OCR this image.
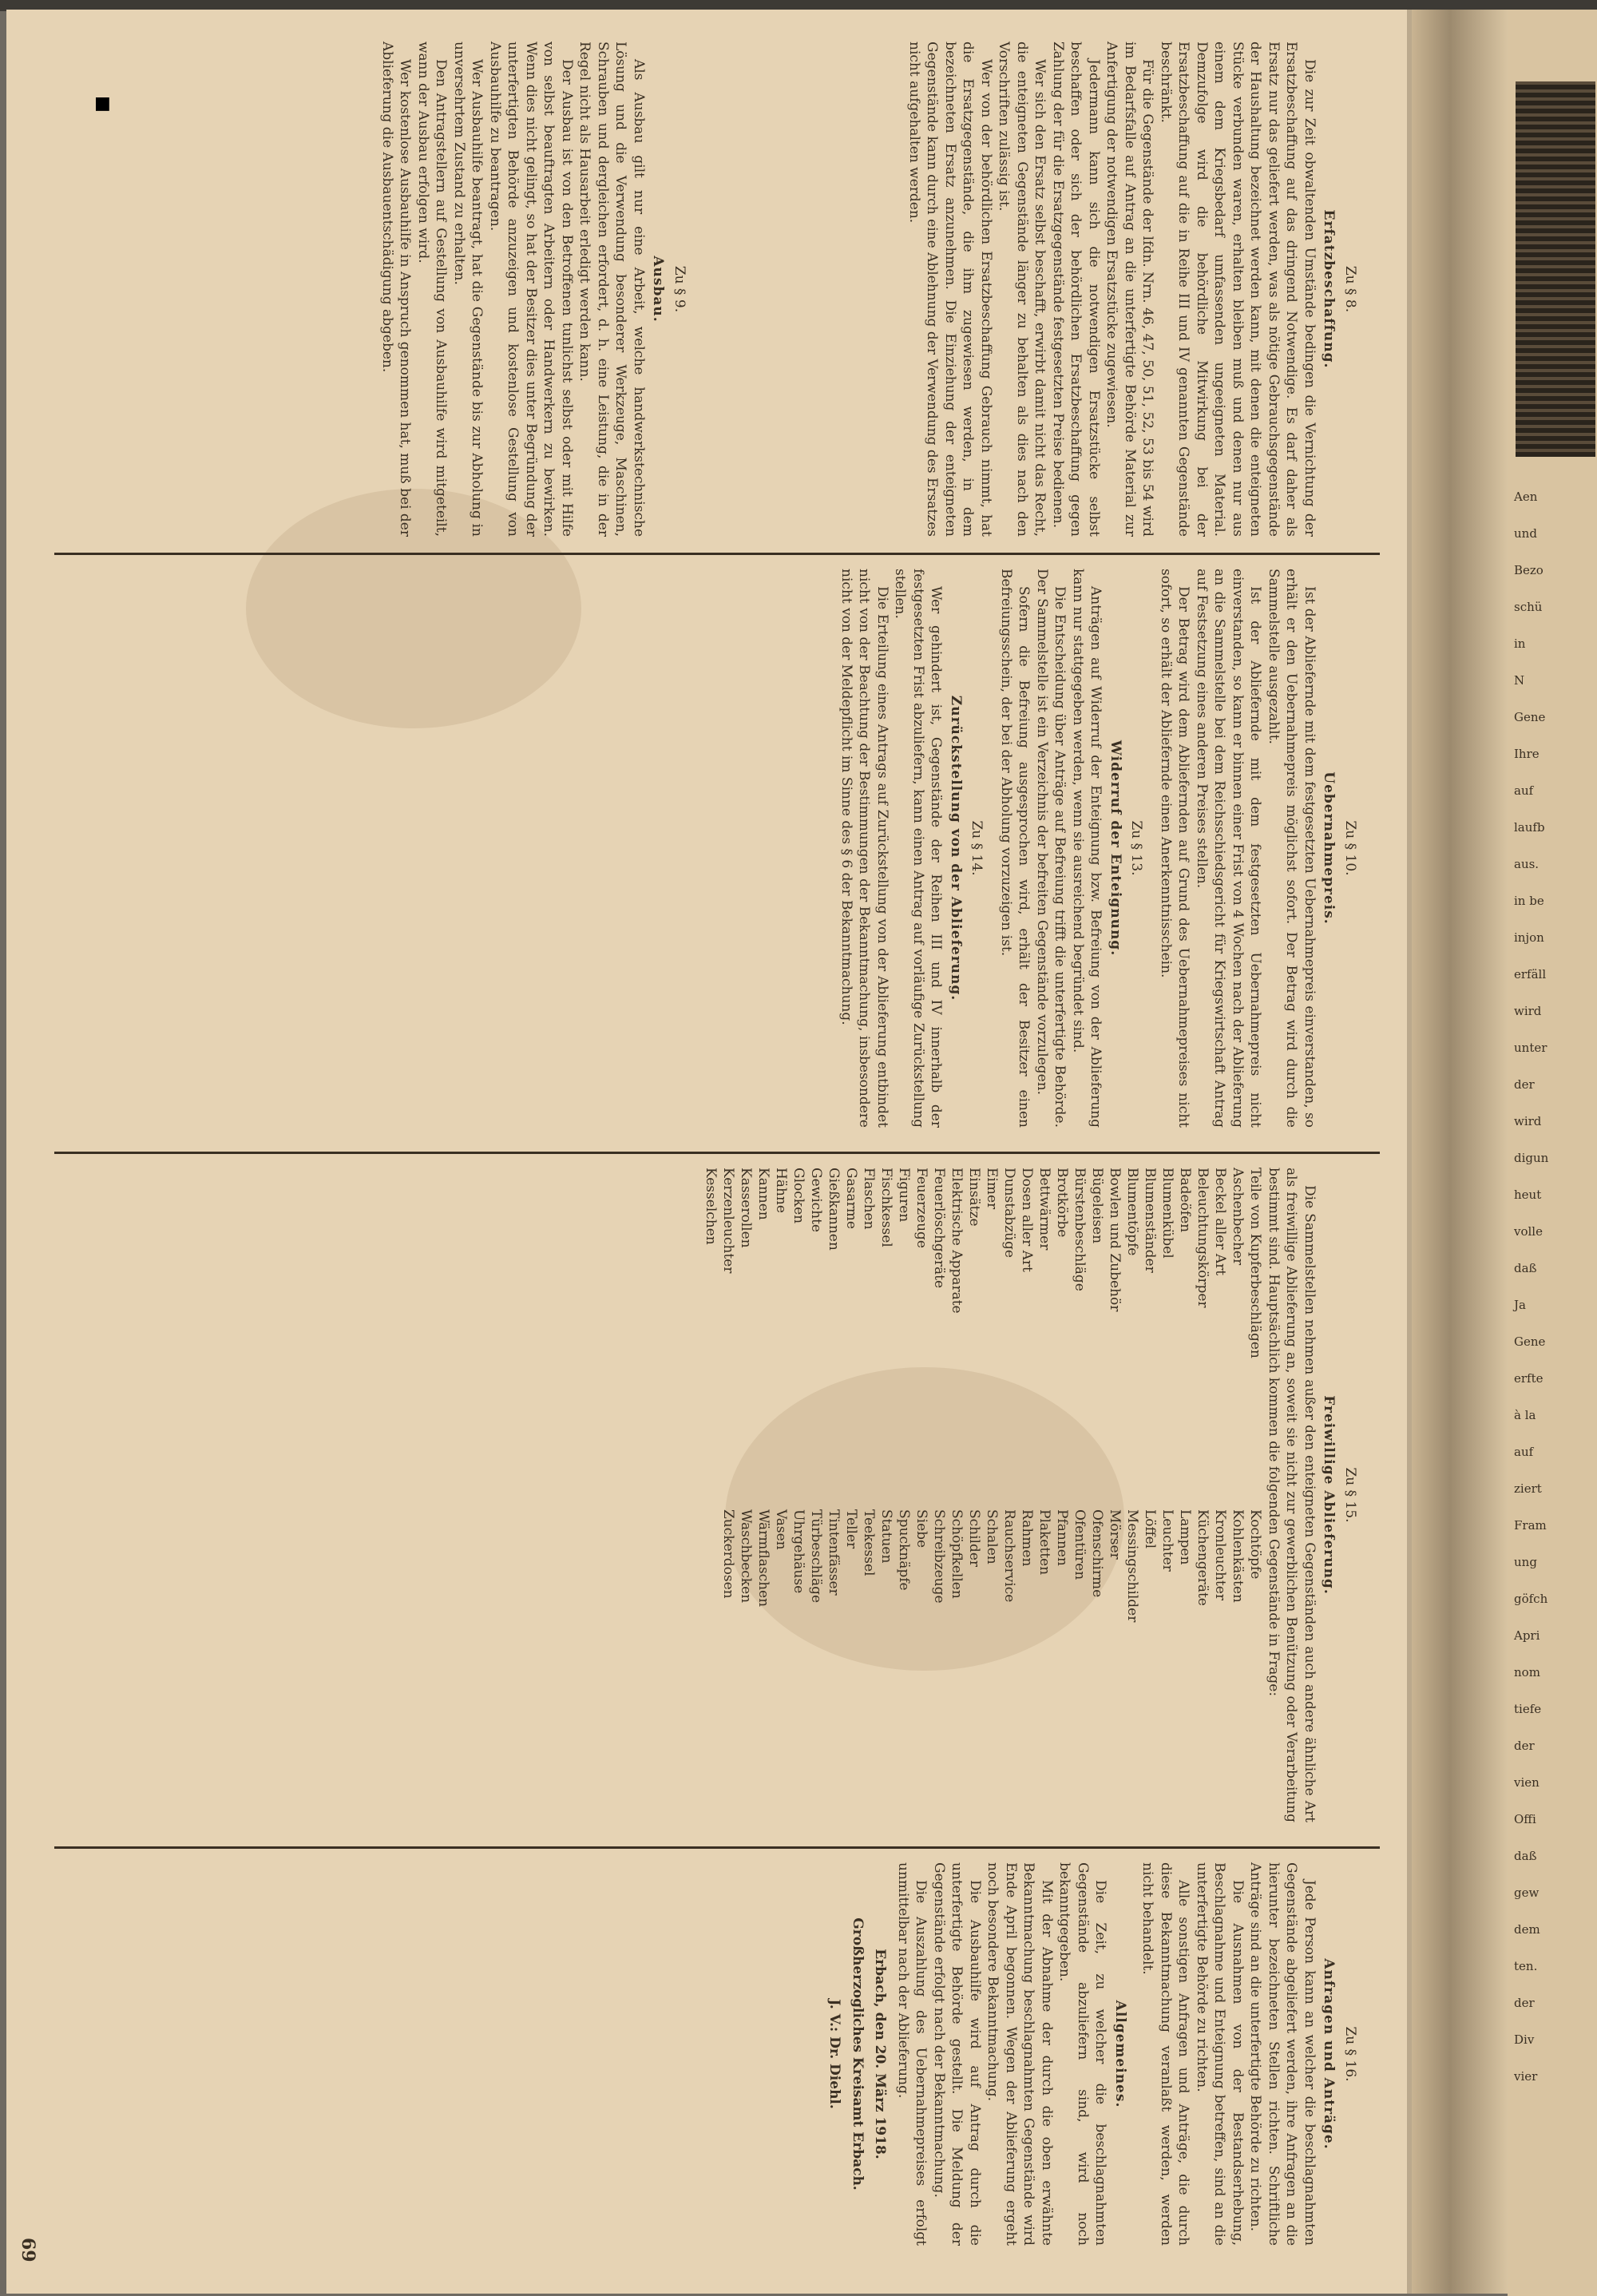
69
Zu § 8.
Erfatzbeschaffung.

Die zur Zeit obwaltenden Umstände bedingen die Vernichtung der Ersatzbeschaffung auf das dringend Notwendige. Es darf daher als Ersatz nur das geliefert werden, was als nötige Gebrauchsgegenstände der Haushaltung bezeichnet werden kann, mit denen die enteigneten Stücke verbunden waren, erhalten bleiben muß und denen nur aus einem dem Kriegsbedarf umfassenden ungeeigneten Material. Demzufolge wird die behördliche Mitwirkung bei der Ersatzbeschaffung auf die in Reihe III und IV genannten Gegenstände beschränkt.

Für die Gegenstände der lfdn. Nrn. 46, 47, 50, 51, 52, 53 bis 54 wird im Bedarfsfalle auf Antrag an die unterfertigte Behörde Material zur Anfertigung der notwendigen Ersatzstücke zugewiesen.

Jedermann kann sich die notwendigen Ersatzstücke selbst beschaffen oder sich der behördlichen Ersatzbeschaffung gegen Zahlung der für die Ersatzgegenstände festgesetzten Preise bedienen.

Wer sich den Ersatz selbst beschafft, erwirbt damit nicht das Recht, die enteigneten Gegenstände länger zu behalten als dies nach den Vorschriften zulässig ist.

Wer von der behördlichen Ersatzbeschaffung Gebrauch nimmt, hat die Ersatzgegenstände, die ihm zugewiesen werden, in dem bezeichneten Ersatz anzunehmen. Die Einziehung der enteigneten Gegenstände kann durch eine Ablehnung der Verwendung des Ersatzes nicht aufgehalten werden.

Zu § 9.
Ausbau.

Als Ausbau gilt nur eine Arbeit, welche handwerkstechnische Lösung und die Verwendung besonderer Werkzeuge, Maschinen, Schrauben und dergleichen erfordert, d. h. eine Leistung, die in der Regel nicht als Hausarbeit erledigt werden kann.

Der Ausbau ist von den Betroffenen tunlichst selbst oder mit Hilfe von selbst beauftragten Arbeitern oder Handwerkern zu bewirken. Wenn dies nicht gelingt, so hat der Besitzer dies unter Begründung der unterfertigten Behörde anzuzeigen und kostenlose Gestellung von Ausbauhilfe zu beantragen.

Wer Ausbauhilfe beantragt, hat die Gegenstände bis zur Abholung in unversehrtem Zustand zu erhalten.

Den Antragstellern auf Gestellung von Ausbauhilfe wird mitgeteilt, wann der Ausbau erfolgen wird.

Wer kostenlose Ausbauhilfe in Anspruch genommen hat, muß bei der Ablieferung die Ausbauentschädigung abgeben.

Zu § 10.
Uebernahmepreis.

Ist der Abliefernde mit dem festgesetzten Uebernahmepreis einverstanden, so erhält er den Uebernahmepreis möglichst sofort. Der Betrag wird durch die Sammelstelle ausgezahlt.

Ist der Abliefernde mit dem festgesetzten Uebernahmepreis nicht einverstanden, so kann er binnen einer Frist von 4 Wochen nach der Ablieferung an die Sammelstelle bei dem Reichsschiedsgericht für Kriegswirtschaft Antrag auf Festsetzung eines anderen Preises stellen.

Der Betrag wird dem Abliefernden auf Grund des Uebernahmepreises nicht sofort, so erhält der Abliefernde einen Anerkenntnisschein.

Zu § 13.
Widerruf der Enteignung.

Anträgen auf Widerruf der Enteignung bzw. Befreiung von der Ablieferung kann nur stattgegeben werden, wenn sie ausreichend begründet sind.

Die Entscheidung über Anträge auf Befreiung trifft die unterfertigte Behörde. Der Sammelstelle ist ein Verzeichnis der befreiten Gegenstände vorzulegen.

Sofern die Befreiung ausgesprochen wird, erhält der Besitzer einen Befreiungsschein, der bei der Abholung vorzuzeigen ist.

Zu § 14.
Zurückstellung von der Ablieferung.

Wer gehindert ist, Gegenstände der Reihen III und IV innerhalb der festgesetzten Frist abzuliefern, kann einen Antrag auf vorläufige Zurückstellung stellen.

Die Erteilung eines Antrags auf Zurückstellung von der Ablieferung entbindet nicht von der Beachtung der Bestimmungen der Bekanntmachung, insbesondere nicht von der Meldepflicht im Sinne des § 6 der Bekanntmachung.

Zu § 15.
Freiwillige Ablieferung.

Die Sammelstellen nehmen außer den enteigneten Gegenständen auch andere ähnliche Art als freiwillige Ablieferung an, soweit sie nicht zur gewerblichen Benützung oder Verarbeitung bestimmt sind. Hauptsächlich kommen die folgenden Gegenstände in Frage:

Teile von Kupferbeschlägen
Aschenbecher
Beckel aller Art
Beleuchtungskörper
Badeöfen
Blumenkübel
Blumenständer
Blumentöpfe
Bowlen und Zubehör
Bügeleisen
Bürstenbeschläge
Brotkörbe
Bettwärmer
Dosen aller Art
Dunstabzüge
Eimer
Einsätze
Elektrische Apparate
Feuerlöschgeräte
Feuerzeuge
Figuren
Fischkessel
Flaschen
Gasarme
Gießkannen
Gewichte
Glocken
Hähne
Kannen
Kasserollen
Kerzenleuchter
Kesselchen
Kochtöpfe
Kohlenkästen
Kronleuchter
Küchengeräte
Lampen
Leuchter
Löffel
Messingschilder
Mörser
Ofenschirme
Ofentüren
Pfannen
Plaketten
Rahmen
Rauchservice
Schalen
Schilder
Schöpfkellen
Schreibzeuge
Siebe
Spucknäpfe
Statuen
Teekessel
Teller
Tintenfässer
Türbeschläge
Uhrgehäuse
Vasen
Wärmflaschen
Waschbecken
Zuckerdosen
Zu § 16.
Anfragen und Anträge.

Jede Person kann an welcher die beschlagnahmten Gegenstände abgeliefert werden, ihre Anfragen an die hierunter bezeichneten Stellen richten. Schriftliche Anträge sind an die unterfertigte Behörde zu richten.

Die Ausnahmen von der Bestandserhebung, Beschlagnahme und Enteignung betreffen, sind an die unterfertigte Behörde zu richten.

Alle sonstigen Anfragen und Anträge, die durch diese Bekanntmachung veranlaßt werden, werden nicht behandelt.

Allgemeines.

Die Zeit, zu welcher die beschlagnahmten Gegenstände abzuliefern sind, wird noch bekanntgegeben.

Mit der Abnahme der durch die oben erwähnte Bekanntmachung beschlagnahmten Gegenstände wird Ende April begonnen. Wegen der Ablieferung ergeht noch besondere Bekanntmachung.

Die Ausbauhilfe wird auf Antrag durch die unterfertigte Behörde gestellt. Die Meldung der Gegenstände erfolgt nach der Bekanntmachung.

Die Auszahlung des Uebernahmepreises erfolgt unmittelbar nach der Ablieferung.

Erbach, den 20. März 1918.
Großherzogliches Kreisamt Erbach.
J. V.: Dr. Diehl.
■
Aen
und
Bezo
schü
in
N
Gene
Ihre
auf
laufb
aus.
in be
injon
erfäll
wird
unter
der
wird
digun
heut
volle
daß
Ja
Gene
erfte
à la
auf
ziert
Fram
ung
göfch
Apri
nom
tiefe
der
vien
Offi
daß
gew
dem
ten.
der
Div
vier
